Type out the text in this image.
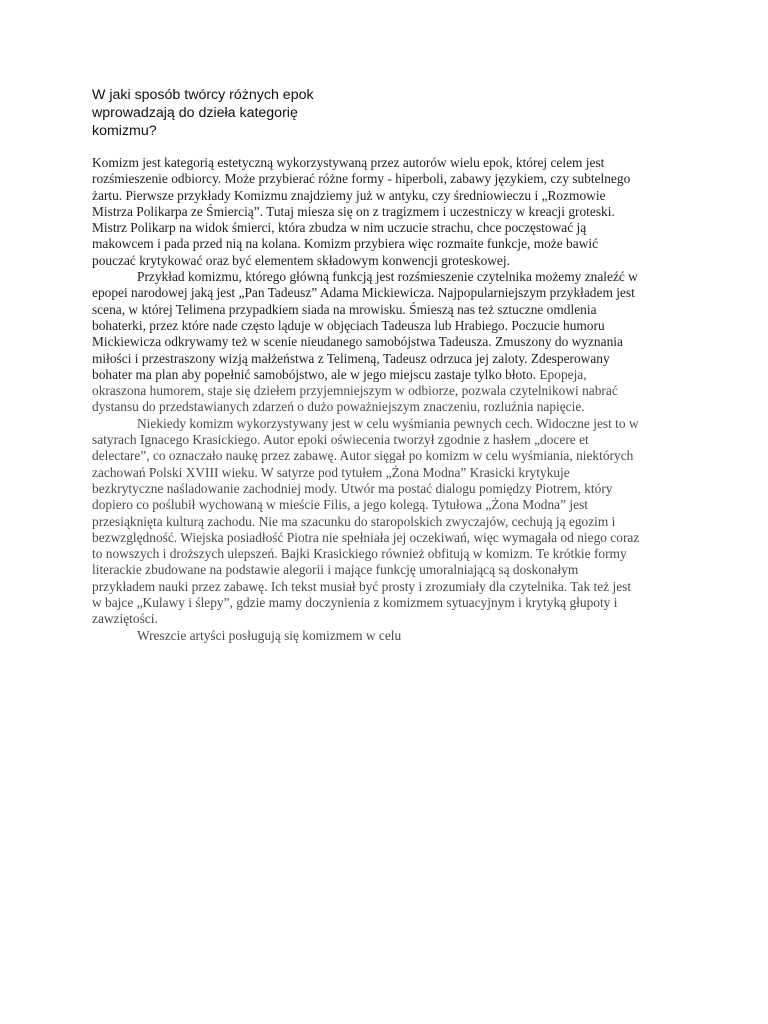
W jaki sposób twórcy różnych epok
wprowadzają do dzieła kategorię
komizmu?
Komizm jest kategorią estetyczną wykorzystywaną przez autorów wielu epok, której celem jest
rozśmieszenie odbiorcy. Może przybierać różne formy - hiperboli, zabawy językiem, czy subtelnego
żartu. Pierwsze przykłady Komizmu znajdziemy już w antyku, czy średniowieczu i „Rozmowie
Mistrza Polikarpa ze Śmiercią”. Tutaj miesza się on z tragizmem i uczestniczy w kreacji groteski.
Mistrz Polikarp na widok śmierci, która zbudza w nim uczucie strachu, chce poczęstować ją
makowcem i pada przed nią na kolana. Komizm przybiera więc rozmaite funkcje, może bawić
pouczać krytykować oraz być elementem składowym konwencji groteskowej.
Przykład komizmu, którego główną funkcją jest rozśmieszenie czytelnika możemy znaleźć w
epopei narodowej jaką jest „Pan Tadeusz” Adama Mickiewicza. Najpopularniejszym przykładem jest
scena, w której Telimena przypadkiem siada na mrowisku. Śmieszą nas też sztuczne omdlenia
bohaterki, przez które nade często ląduje w objęciach Tadeusza lub Hrabiego. Poczucie humoru
Mickiewicza odkrywamy też w scenie nieudanego samobójstwa Tadeusza. Zmuszony do wyznania
miłości i przestraszony wizją małżeństwa z Telimeną, Tadeusz odrzuca jej zaloty. Zdesperowany
bohater ma plan aby popełnić samobójstwo, ale w jego miejscu zastaje tylko błoto. Epopeja,
okraszona humorem, staje się dziełem przyjemniejszym w odbiorze, pozwala czytelnikowi nabrać
dystansu do przedstawianych zdarzeń o dużo poważniejszym znaczeniu, rozluźnia napięcie.
Niekiedy komizm wykorzystywany jest w celu wyśmiania pewnych cech. Widoczne jest to w
satyrach Ignacego Krasickiego. Autor epoki oświecenia tworzył zgodnie z hasłem „docere et
delectare”, co oznaczało naukę przez zabawę. Autor sięgał po komizm w celu wyśmiania, niektórych
zachowań Polski XVIII wieku. W satyrze pod tytułem „Żona Modna” Krasicki krytykuje
bezkrytyczne naśladowanie zachodniej mody. Utwór ma postać dialogu pomiędzy Piotrem, który
dopiero co poślubił wychowaną w mieście Filis, a jego kolegą. Tytułowa „Żona Modna” jest
przesiąknięta kulturą zachodu. Nie ma szacunku do staropolskich zwyczajów, cechują ją egozim i
bezwzględność. Wiejska posiadłość Piotra nie spełniała jej oczekiwań, więc wymagała od niego coraz
to nowszych i droższych ulepszeń. Bajki Krasickiego również obfitują w komizm. Te krótkie formy
literackie zbudowane na podstawie alegorii i mające funkcję umoralniającą są doskonałym
przykładem nauki przez zabawę. Ich tekst musiał być prosty i zrozumiały dla czytelnika. Tak też jest
w bajce „Kulawy i ślepy”, gdzie mamy doczynienia z komizmem sytuacyjnym i krytyką głupoty i
zawziętości.
Wreszcie artyści posługują się komizmem w celu
